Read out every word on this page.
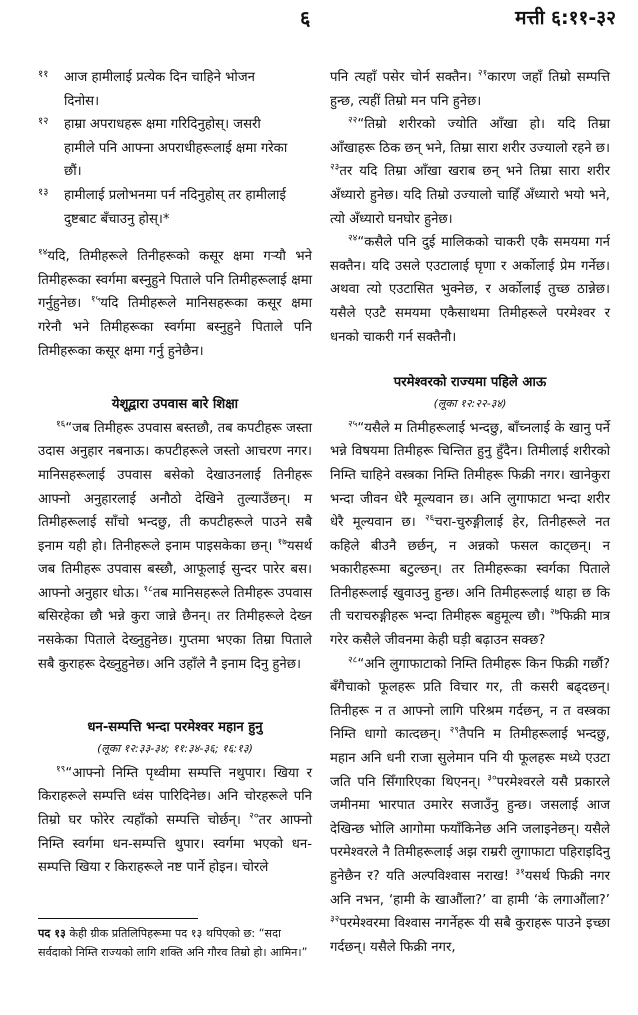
६	मत्ती ६:११-३२
११ आज हामीलाई प्रत्येक दिन चाहिने भोजन दिनोस।
१२ हाम्रा अपराधहरू क्षमा गरिदिनुहोस्। जसरी हामीले पनि आफ्ना अपराधीहरूलाई क्षमा गरेका छौं।
१३ हामीलाई प्रलोभनमा पर्न नदिनुहोस् तर हामीलाई दुष्टबाट बँचाउनु होस्।*

$^{१४}$यदि, तिमीहरूले तिनीहरूको कसूर क्षमा गऱ्यौ भने तिमीहरूका स्वर्गमा बस्नुहुने पिताले पनि तिमीहरूलाई क्षमा गर्नुहुनेछ। $^{१५}$यदि तिमीहरूले मानिसहरूका कसूर क्षमा गरेनौ भने तिमीहरूका स्वर्गमा बस्नुहुने पिताले पनि तिमीहरूका कसूर क्षमा गर्नु हुनेछैन।

येशूद्वारा उपवास बारे शिक्षा

$^{१६}$“जब तिमीहरू उपवास बस्तछौ, तब कपटीहरू जस्ता उदास अनुहार नबनाऊ। कपटीहरूले जस्तो आचरण नगर। मानिसहरूलाई उपवास बसेको देखाउनलाई तिनीहरू आफ्नो अनुहारलाई अनौठो देखिने तुल्याउँछन्। म तिमीहरूलाई साँचो भन्दछु, ती कपटीहरूले पाउने सबै इनाम यही हो। तिनीहरूले इनाम पाइसकेका छन्। $^{१७}$यसर्थ जब तिमीहरू उपवास बस्छौ, आफूलाई सुन्दर पारेर बस। आफ्नो अनुहार धोऊ। $^{१८}$तब मानिसहरूले तिमीहरू उपवास बसिरहेका छौ भन्ने कुरा जान्ने छैनन्। तर तिमीहरूले देख्न नसकेका पिताले देख्नुहुनेछ। गुप्तमा भएका तिम्रा पिताले सबै कुराहरू देख्नुहुनेछ। अनि उहाँले नै इनाम दिनु हुनेछ।

धन-सम्पत्ति भन्दा परमेश्वर महान हुनु

(लूका १२:३३-३४; ११:३४-३६; १६:१३)

$^{१९}$“आफ्नो निम्ति पृथ्वीमा सम्पत्ति नथुपार। खिया र किराहरूले सम्पत्ति ध्वंस पारिदिनेछ। अनि चोरहरूले पनि तिम्रो घर फोरेर त्यहाँको सम्पत्ति चोर्छन्। $^{२०}$तर आफ्नो निम्ति स्वर्गमा धन-सम्पत्ति थुपार। स्वर्गमा भएको धन-सम्पत्ति खिया र किराहरूले नष्ट पार्ने होइन। चोरले

पद १३ केही ग्रीक प्रतिलिपिहरूमा पद १३ थपिएको छ: “सदा सर्वदाको निम्ति राज्यको लागि शक्ति अनि गौरव तिम्रो हो। आमिन।”

पनि त्यहाँ पसेर चोर्न सक्तैन। $^{२१}$कारण जहाँ तिम्रो सम्पत्ति हुन्छ, त्यहीं तिम्रो मन पनि हुनेछ।

$^{२२}$“तिम्रो शरीरको ज्योति आँखा हो। यदि तिम्रा आँखाहरू ठिक छन् भने, तिम्रा सारा शरीर उज्यालो रहने छ। $^{२३}$तर यदि तिम्रा आँखा खराब छन् भने तिम्रा सारा शरीर अँध्यारो हुनेछ। यदि तिम्रो उज्यालो चाहिँ अँध्यारो भयो भने, त्यो अँध्यारो घनघोर हुनेछ।

$^{२४}$“कसैले पनि दुई मालिकको चाकरी एकै समयमा गर्न सक्तैन। यदि उसले एउटालाई घृणा र अर्कोलाई प्रेम गर्नेछ। अथवा त्यो एउटासित भुक्नेछ, र अर्कोलाई तुच्छ ठान्नेछ। यसैले एउटै समयमा एकैसाथमा तिमीहरूले परमेश्वर र धनको चाकरी गर्न सक्तैनौ।

परमेश्वरको राज्यमा पहिले आऊ

(लूका १२:२२-३४)

$^{२५}$“यसैले म तिमीहरूलाई भन्दछु, बाँच्नलाई के खानु पर्ने भन्ने विषयमा तिमीहरू चिन्तित हुनु हुँदैन। तिमीलाई शरीरको निम्ति चाहिने वस्त्रका निम्ति तिमीहरू फिक्री नगर। खानेकुरा भन्दा जीवन धेरै मूल्यवान छ। अनि लुगाफाटा भन्दा शरीर धेरै मूल्यवान छ। $^{२६}$चरा-चुरुङ्गीलाई हेर, तिनीहरूले नत कहिले बीउनै छर्छन्, न अन्नको फसल काट्छन्। न भकारीहरूमा बटुल्छन्। तर तिमीहरूका स्वर्गका पिताले तिनीहरूलाई खुवाउनु हुन्छ। अनि तिमीहरूलाई थाहा छ कि ती चराचरुङ्गीहरू भन्दा तिमीहरू बहुमूल्य छौ। $^{२७}$फिक्री मात्र गरेर कसैले जीवनमा केही घड़ी बढ़ाउन सक्छ?

$^{२८}$“अनि लुगाफाटाको निम्ति तिमीहरू किन फिक्री गर्छौ? बँगैचाको फूलहरू प्रति विचार गर, ती कसरी बढ्दछन्। तिनीहरू न त आफ्नो लागि परिश्रम गर्दछन्, न त वस्त्रका निम्ति धागो कात्दछन्। $^{२९}$तैपनि म तिमीहरूलाई भन्दछु, महान अनि धनी राजा सुलेमान पनि यी फूलहरू मध्ये एउटा जति पनि सिँगारिएका थिएनन्। $^{३०}$परमेश्वरले यसै प्रकारले जमीनमा भारपात उमारेर सजाउँनु हुन्छ। जसलाई आज देखिन्छ भोलि आगोमा फयाँकिनेछ अनि जलाइनेछन्। यसैले परमेश्वरले नै तिमीहरूलाई अझ राम्ररी लुगाफाटा पहिराइदिनु हुनेछैन र? यति अल्पविश्वास नराख! $^{३१}$यसर्थ फिक्री नगर अनि नभन, ‘हामी के खाऔंला?’ वा हामी ‘के लगाऔंला?’ $^{३२}$परमेश्वरमा विश्वास नगर्नेहरू यी सबै कुराहरू पाउने इच्छा गर्दछन्। यसैले फिक्री नगर,
